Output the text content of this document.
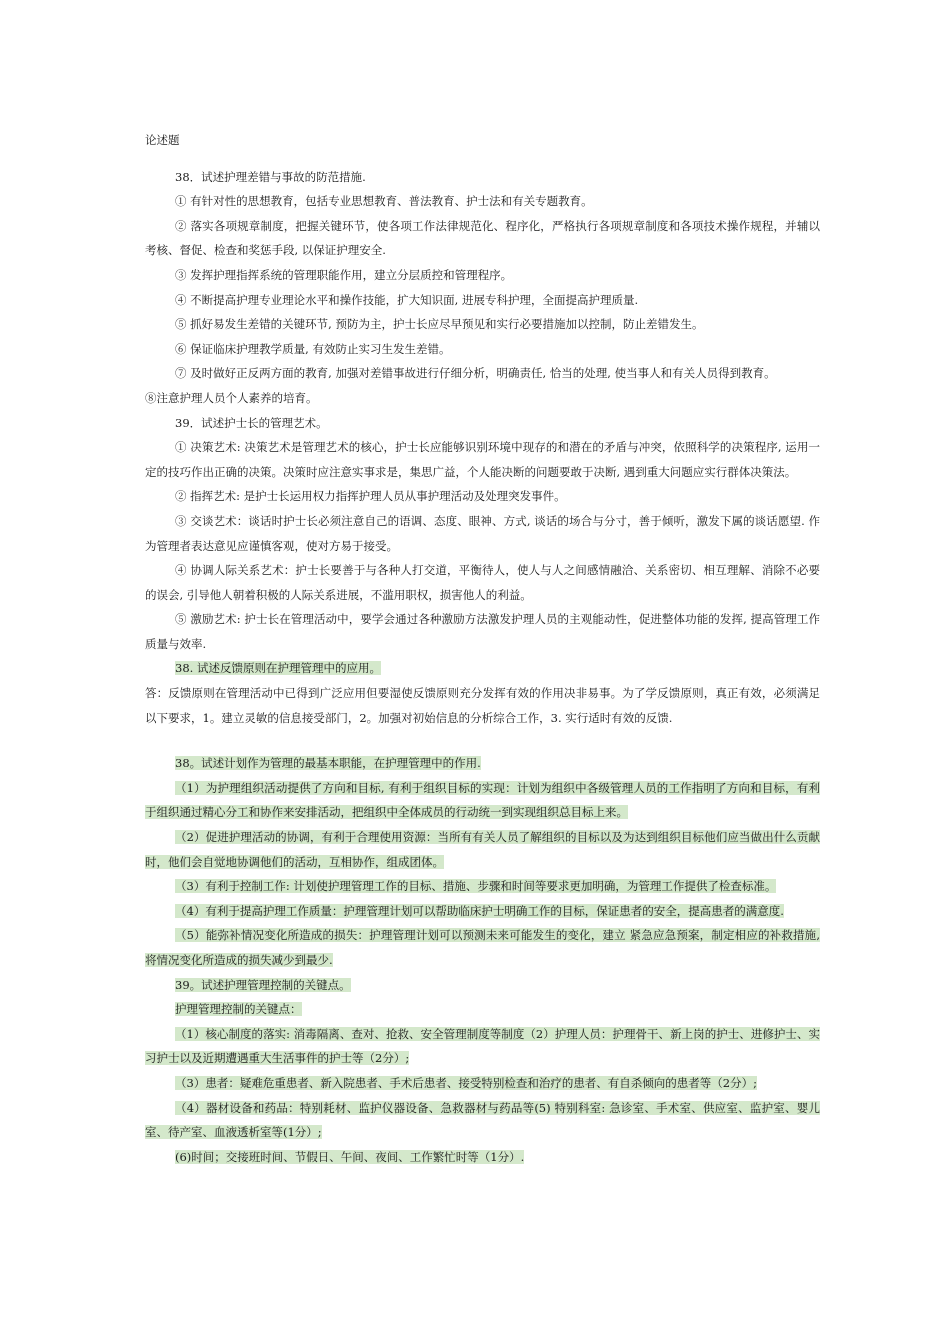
论述题

38．试述护理差错与事故的防范措施.

① 有针对性的思想教育，包括专业思想教育、普法教育、护士法和有关专题教育。

② 落实各项规章制度，把握关键环节，使各项工作法律规范化、程序化，严格执行各项规章制度和各项技术操作规程，并辅以考核、督促、检查和奖惩手段, 以保证护理安全.

③ 发挥护理指挥系统的管理职能作用，建立分层质控和管理程序。

④ 不断提高护理专业理论水平和操作技能，扩大知识面, 进展专科护理，全面提高护理质量.

⑤ 抓好易发生差错的关键环节, 预防为主，护士长应尽早预见和实行必要措施加以控制，防止差错发生。

⑥ 保证临床护理教学质量, 有效防止实习生发生差错。

⑦ 及时做好正反两方面的教育, 加强对差错事故进行仔细分析，明确责任, 恰当的处理, 使当事人和有关人员得到教育。

⑧注意护理人员个人素养的培育。

39．试述护士长的管理艺术。

① 决策艺术: 决策艺术是管理艺术的核心，护士长应能够识别环境中现存的和潜在的矛盾与冲突，依照科学的决策程序, 运用一定的技巧作出正确的决策。决策时应注意实事求是，集思广益，个人能决断的问题要敢于决断, 遇到重大问题应实行群体决策法。

② 指挥艺术: 是护士长运用权力指挥护理人员从事护理活动及处理突发事件。

③ 交谈艺术：谈话时护士长必须注意自己的语调、态度、眼神、方式, 谈话的场合与分寸，善于倾听，激发下属的谈话愿望. 作为管理者表达意见应谨慎客观，使对方易于接受。

④ 协调人际关系艺术：护士长要善于与各种人打交道，平衡待人，使人与人之间感情融洽、关系密切、相互理解、消除不必要的误会, 引导他人朝着积极的人际关系进展，不滥用职权，损害他人的利益。

⑤ 激励艺术: 护士长在管理活动中，要学会通过各种激励方法激发护理人员的主观能动性，促进整体功能的发挥, 提高管理工作质量与效率.

38. 试述反馈原则在护理管理中的应用。

答：反馈原则在管理活动中已得到广泛应用但要湿使反馈原则充分发挥有效的作用决非易事。为了学反馈原则，真正有效，必须满足以下要求，1。建立灵敏的信息接受部门，2。加强对初始信息的分析综合工作，3. 实行适时有效的反馈.

38。试述计划作为管理的最基本职能，在护理管理中的作用.

（1）为护理组织活动提供了方向和目标, 有利于组织目标的实现：计划为组织中各级管理人员的工作指明了方向和目标，有利于组织通过精心分工和协作来安排活动，把组织中全体成员的行动统一到实现组织总目标上来。

（2）促进护理活动的协调，有利于合理使用资源：当所有有关人员了解组织的目标以及为达到组织目标他们应当做出什么贡献时，他们会自觉地协调他们的活动，互相协作，组成团体。

（3）有利于控制工作: 计划使护理管理工作的目标、措施、步骤和时间等要求更加明确，为管理工作提供了检查标准。

（4）有利于提高护理工作质量：护理管理计划可以帮助临床护士明确工作的目标，保证患者的安全，提高患者的满意度.

（5）能弥补情况变化所造成的损失：护理管理计划可以预测未来可能发生的变化，建立 紧急应急预案，制定相应的补救措施, 将情况变化所造成的损失减少到最少.

39。试述护理管理控制的关键点。

护理管理控制的关键点：

（1）核心制度的落实: 消毒隔离、查对、抢救、安全管理制度等制度（2）护理人员：护理骨干、新上岗的护士、进修护士、实习护士以及近期遭遇重大生活事件的护士等（2分）;

（3）患者：疑难危重患者、新入院患者、手术后患者、接受特别检查和治疗的患者、有自杀倾向的患者等（2分）;

（4）器材设备和药品：特别耗材、监护仪器设备、急救器材与药品等(5) 特别科室: 急诊室、手术室、供应室、监护室、婴儿室、待产室、血液透析室等(1分）;

(6)时间；交接班时间、节假日、午间、夜间、工作繁忙时等（1分）.
